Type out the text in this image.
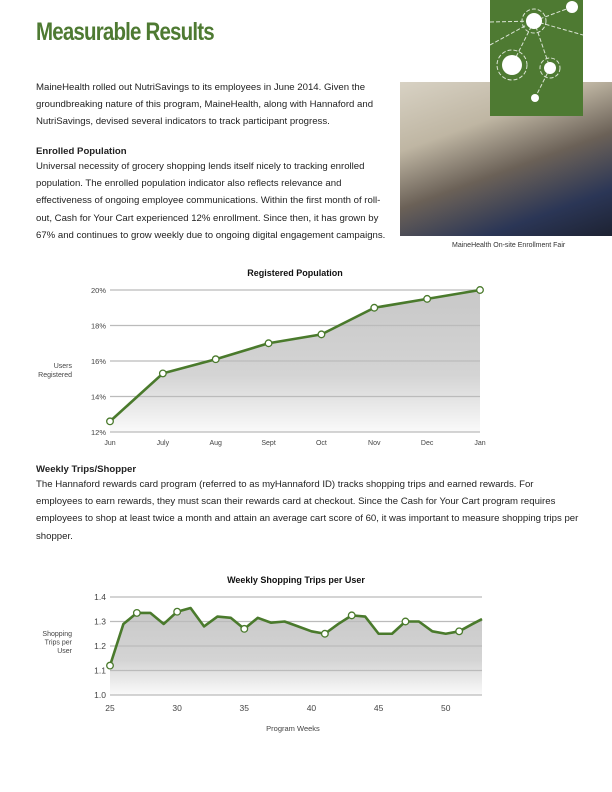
Measurable Results
MaineHealth On-site Enrollment Fair
MaineHealth rolled out NutriSavings to its employees in June 2014. Given the groundbreaking nature of this program, MaineHealth, along with Hannaford and NutriSavings, devised several indicators to track participant progress.
Enrolled Population
Universal necessity of grocery shopping lends itself nicely to tracking enrolled population. The enrolled population indicator also reflects relevance and effectiveness of ongoing employee communications. Within the first month of roll-out, Cash for Your Cart experienced 12% enrollment. Since then, it has grown by 67% and continues to grow weekly due to ongoing digital engagement campaigns.
Registered Population
12%
14%
16%
18%
20%
Jun	July	Aug	Sept	Oct	Nov	Dec	Jan
Users Registered
Weekly Trips/Shopper
The Hannaford rewards card program (referred to as myHannaford ID) tracks shopping trips and earned rewards. For employees to earn rewards, they must scan their rewards card at checkout. Since the Cash for Your Cart program requires employees to shop at least twice a month and attain an average cart score of 60, it was important to measure shopping trips per shopper.
Weekly Shopping Trips per User
1.0
1.1
1.2
1.3
1.4
25	30	35	40	45	50
Program Weeks
Shopping Trips per User
